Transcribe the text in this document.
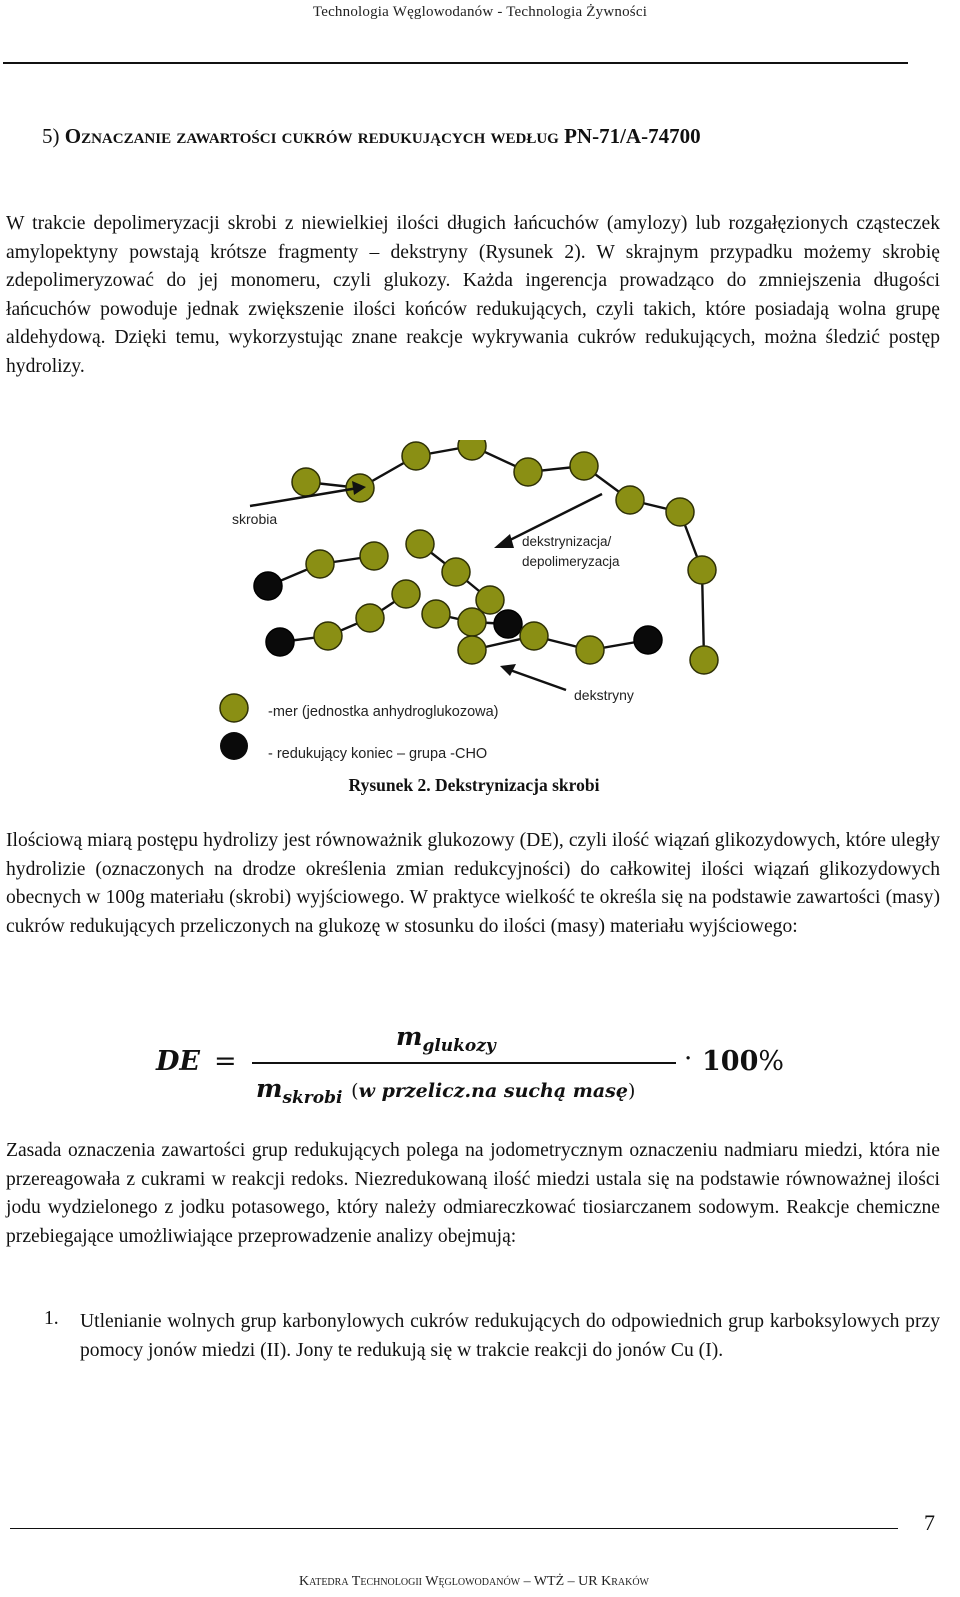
Technologia Węglowodanów - Technologia Żywności
5) Oznaczanie zawartości cukrów redukujących według PN-71/A-74700
W trakcie depolimeryzacji skrobi z niewielkiej ilości długich łańcuchów (amylozy) lub rozgałęzionych cząsteczek amylopektyny powstają krótsze fragmenty – dekstryny (Rysunek 2). W skrajnym przypadku możemy skrobię zdepolimeryzować do jej monomeru, czyli glukozy. Każda ingerencja prowadząco do zmniejszenia długości łańcuchów powoduje jednak zwiększenie ilości końców redukujących, czyli takich, które posiadają wolna grupę aldehydową. Dzięki temu, wykorzystując znane reakcje wykrywania cukrów redukujących, można śledzić postęp hydrolizy.
skrobia
dekstrynizacja/
depolimeryzacja
dekstryny
-mer (jednostka anhydroglukozowa)
- redukujący koniec – grupa -CHO
Rysunek 2. Dekstrynizacja skrobi
Ilościową miarą postępu hydrolizy jest równoważnik glukozowy (DE), czyli ilość wiązań glikozydowych, które uległy hydrolizie (oznaczonych na drodze określenia zmian redukcyjności) do całkowitej ilości wiązań glikozydowych obecnych w 100g materiału (skrobi) wyjściowego. W praktyce wielkość te określa się na podstawie zawartości (masy) cukrów redukujących przeliczonych na glukozę w stosunku do ilości (masy) materiału wyjściowego:
DE =
$m_{glukozy}$
$m_{skrobi}$ (w przelicz.na suchą masę)
· 100%
Zasada oznaczenia zawartości grup redukujących polega na jodometrycznym oznaczeniu nadmiaru miedzi, która nie przereagowała z cukrami w reakcji redoks. Niezredukowaną ilość miedzi ustala się na podstawie równoważnej ilości jodu wydzielonego z jodku potasowego, który należy odmiareczkować tiosiarczanem sodowym. Reakcje chemiczne przebiegające umożliwiające przeprowadzenie analizy obejmują:
1. Utlenianie wolnych grup karbonylowych cukrów redukujących do odpowiednich grup karboksylowych przy pomocy jonów miedzi (II). Jony te redukują się w trakcie reakcji do jonów Cu (I).
7
Katedra Technologii Węglowodanów – WTŻ – UR Kraków
